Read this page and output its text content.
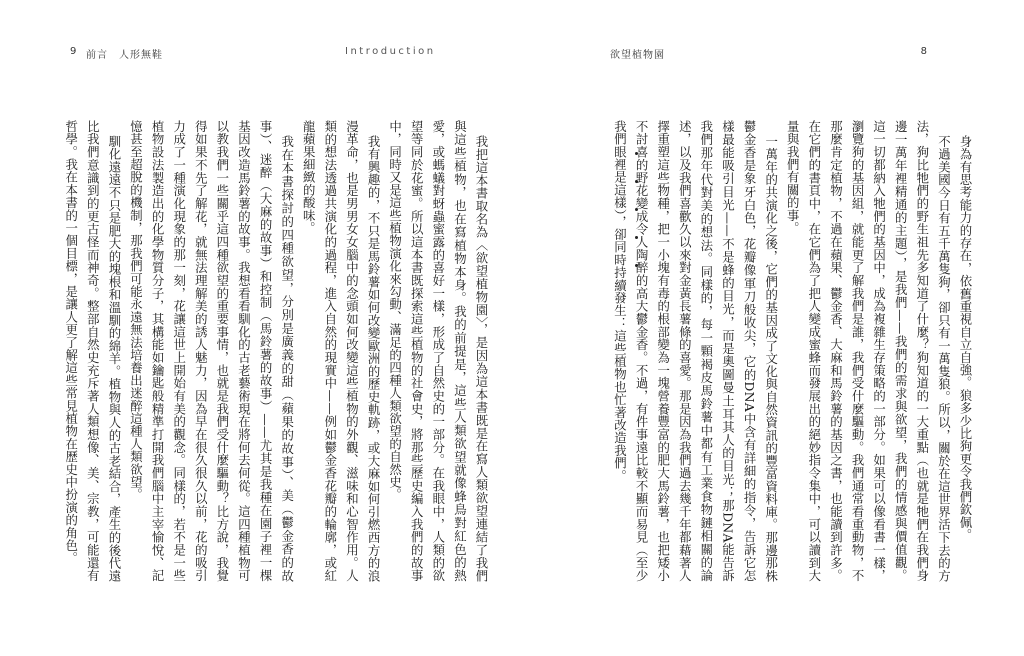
9 前言　人形無鞋	Introduction

我把這本書取名為〈欲望植物園〉，是因為這本書既是在寫人類欲望連結了我們與這些植物，也在寫植物本身。我的前提是，這些人類欲望就像蜂鳥對紅色的熱愛，或螞蟻對蚜蟲蜜露的喜好一樣，形成了自然史的一部分。在我眼中，人類的欲望等同於花蜜。所以這本書既探索這些植物的社會史，將那些歷史編入我們的故事中，同時又是這些植物演化來勾動、滿足的四種人類欲望的自然史。

我有興趣的，不只是馬鈴薯如何改變歐洲的歷史軌跡，或大麻如何引燃西方的浪漫革命，也是男男女女腦中的念頭如何改變這些植物的外觀、滋味和心智作用。人類的想法透過共演化的過程，進入自然的現實中——例如鬱金香花瓣的輪廓，或紅龍蘋果細緻的酸味。

我在本書探討的四種欲望，分別是廣義的甜（蘋果的故事）、美（鬱金香的故事）、迷醉（大麻的故事）和控制（馬鈴薯的故事）——尤其是我種在園子裡一棵基因改造馬鈴薯的故事。我想看看馴化的古老藝術現在將何去何從。這四種植物可以教我們一些關乎這四種欲望的重要事情，也就是我們受什麼驅動？比方說，我覺得如果不先了解花，就無法理解美的誘人魅力，因為早在很久很久以前，花的吸引力成了一種演化現象的那一刻，花讓這世上開始有美的觀念。同樣的，若不是一些植物設法製造出的化學物質分子，其構能如鑰匙般精準打開我們腦中主宰愉悅、記憶甚至超脫的機制，那我們可能永遠無法培養出迷醉這種人類欲望。

馴化遠遠不只是肥大的塊根和溫馴的綿羊。植物與人的古老結合，產生的後代遠比我們意識到的更古怪而神奇。整部自然史充斥著人類想像、美、宗教，可能還有哲學。我在本書的一個目標，是讓人更了解這些常見植物在歷史中扮演的角色。

欲望植物園	8

身為有思考能力的存在，依舊重視自立自強。狼多少比狗更令我們欽佩。

不過美國今日有五千萬隻狗，卻只有一萬隻狼。所以，關於在這世界活下去的方法，狗比牠們的野生祖先多知道了什麼？狗知道的一大重點（也就是牠們在我們身邊一萬年裡精通的主題），是我們——我們的需求與欲望，我們的情感與價值觀。這一切都納入牠們的基因中，成為複雜生存策略的一部分。如果可以像看書一樣，瀏覽狗的基因組，就能更了解我們是誰，我們受什麼驅動。我們通常看重動物，不那麼肯定植物，不過在蘋果、鬱金香、大麻和馬鈴薯的基因之書，也能讀到許多。在它們的書頁中，在它們為了把人變成蜜蜂而發展出的絕妙指令集中，可以讀到大量與我們有關的事。

一萬年的共演化之後，它們的基因成了文化與自然資訊的豐富資料庫。那邊那株鬱金香是象牙白色，花瓣像軍刀般收尖，它的DNA中含有詳細的指令，告訴它怎樣最能吸引目光——不是蜂的目光，而是奧圖曼土耳其人的目光；那DNA能告訴我們那年代對美的想法。同樣的，每一顆褐皮馬鈴薯中都有工業食物鏈相關的論述，以及我們喜歡久以來對金黃長薯條的喜愛。那是因為我們過去幾千年都藉著人擇重塑這些物種，把一小塊有毒的根部變為一塊營養豐富的肥大馬鈴薯，也把矮小不討喜的野花變成令人陶醉的高大鬱金香。不過，有件事遠比較不顯而易見（至少我們眼裡是這樣），卻同時持續發生：這些植物也忙著改造我們。
